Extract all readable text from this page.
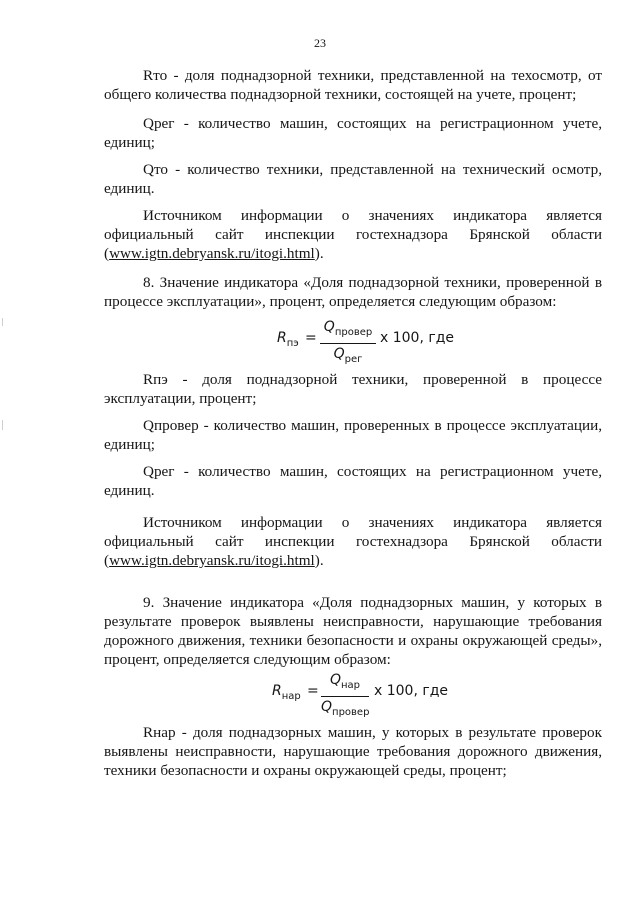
23

Rто - доля поднадзорной техники, представленной на техосмотр, от общего количества поднадзорной техники, состоящей на учете, процент;

Qрег - количество машин, состоящих на регистрационном учете, единиц;

Qто - количество техники, представленной на технический осмотр, единиц.

Источником информации о значениях индикатора является официальный сайт инспекции гостехнадзора Брянской области (www.igtn.debryansk.ru/itogi.html).

8. Значение индикатора «Доля поднадзорной техники, проверенной в процессе эксплуатации», процент, определяется следующим образом:

$R_{пэ}$ =
$Q_{провер}$
$Q_{рег}$
x 100, где

Rпэ - доля поднадзорной техники, проверенной в процессе эксплуатации, процент;

Qпровер - количество машин, проверенных в процессе эксплуатации, единиц;

Qрег - количество машин, состоящих на регистрационном учете, единиц.

Источником информации о значениях индикатора является официальный сайт инспекции гостехнадзора Брянской области (www.igtn.debryansk.ru/itogi.html).

9. Значение индикатора «Доля поднадзорных машин, у которых в результате проверок выявлены неисправности, нарушающие требования дорожного движения, техники безопасности и охраны окружающей среды», процент, определяется следующим образом:

$R_{нар}$ =
$Q_{нар}$
$Q_{провер}$
x 100, где

Rнар - доля поднадзорных машин, у которых в результате проверок выявлены неисправности, нарушающие требования дорожного движения, техники безопасности и охраны окружающей среды, процент;
